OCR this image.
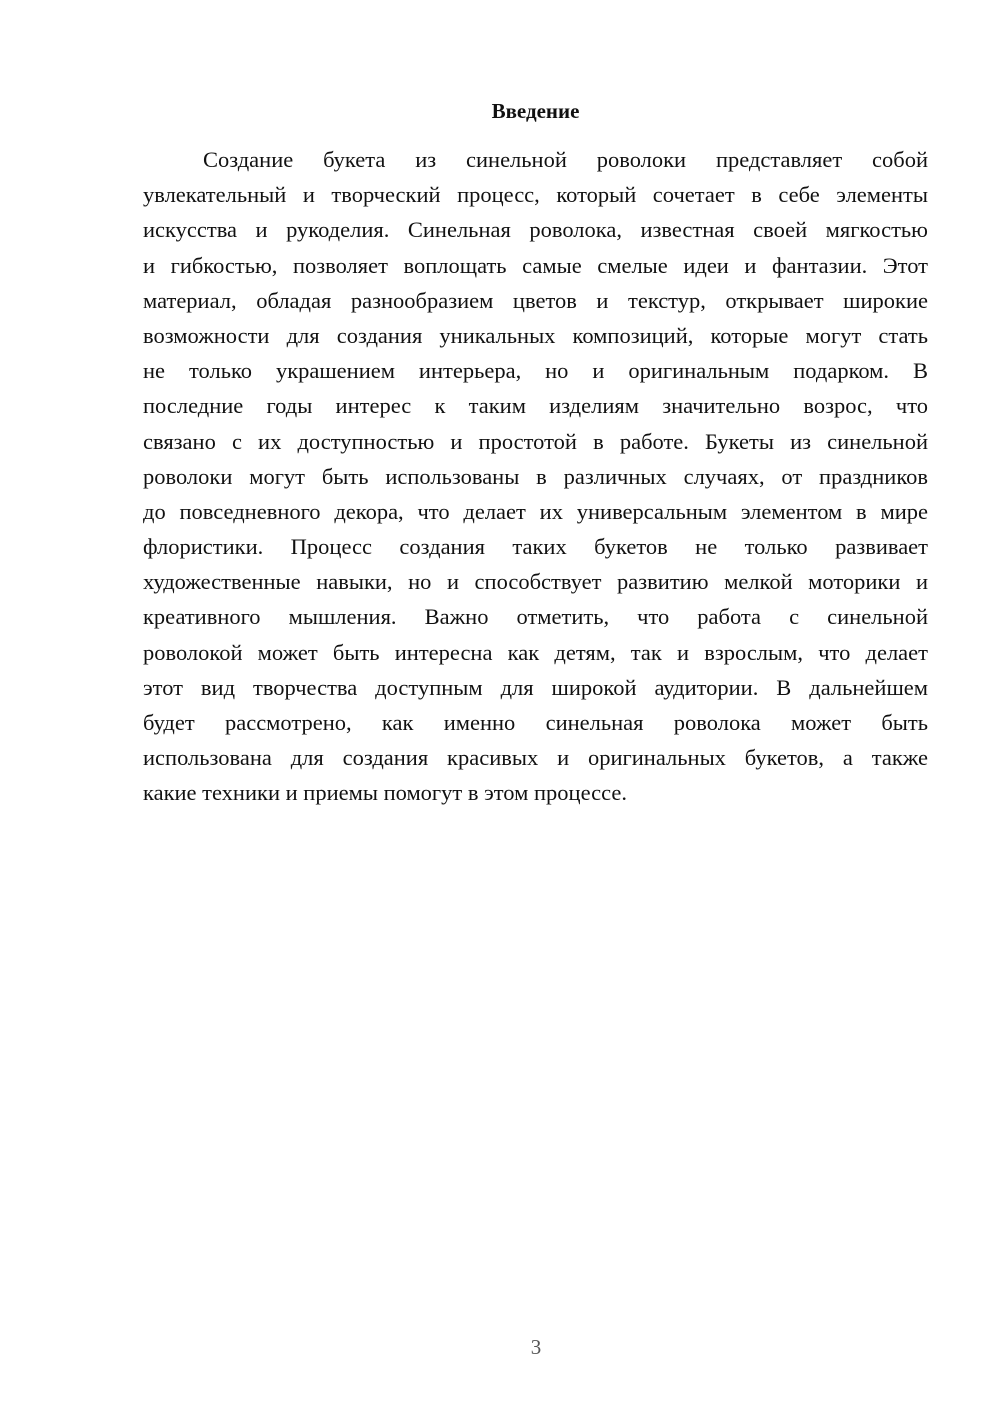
Введение
Создание букета из синельной роволоки представляет собой
увлекательный и творческий процесс, который сочетает в себе элементы
искусства и рукоделия. Синельная роволока, известная своей мягкостью
и гибкостью, позволяет воплощать самые смелые идеи и фантазии. Этот
материал, обладая разнообразием цветов и текстур, открывает широкие
возможности для создания уникальных композиций, которые могут стать
не только украшением интерьера, но и оригинальным подарком. В
последние годы интерес к таким изделиям значительно возрос, что
связано с их доступностью и простотой в работе. Букеты из синельной
роволоки могут быть использованы в различных случаях, от праздников
до повседневного декора, что делает их универсальным элементом в мире
флористики. Процесс создания таких букетов не только развивает
художественные навыки, но и способствует развитию мелкой моторики и
креативного мышления. Важно отметить, что работа с синельной
роволокой может быть интересна как детям, так и взрослым, что делает
этот вид творчества доступным для широкой аудитории. В дальнейшем
будет рассмотрено, как именно синельная роволока может быть
использована для создания красивых и оригинальных букетов, а также
какие техники и приемы помогут в этом процессе.
3
